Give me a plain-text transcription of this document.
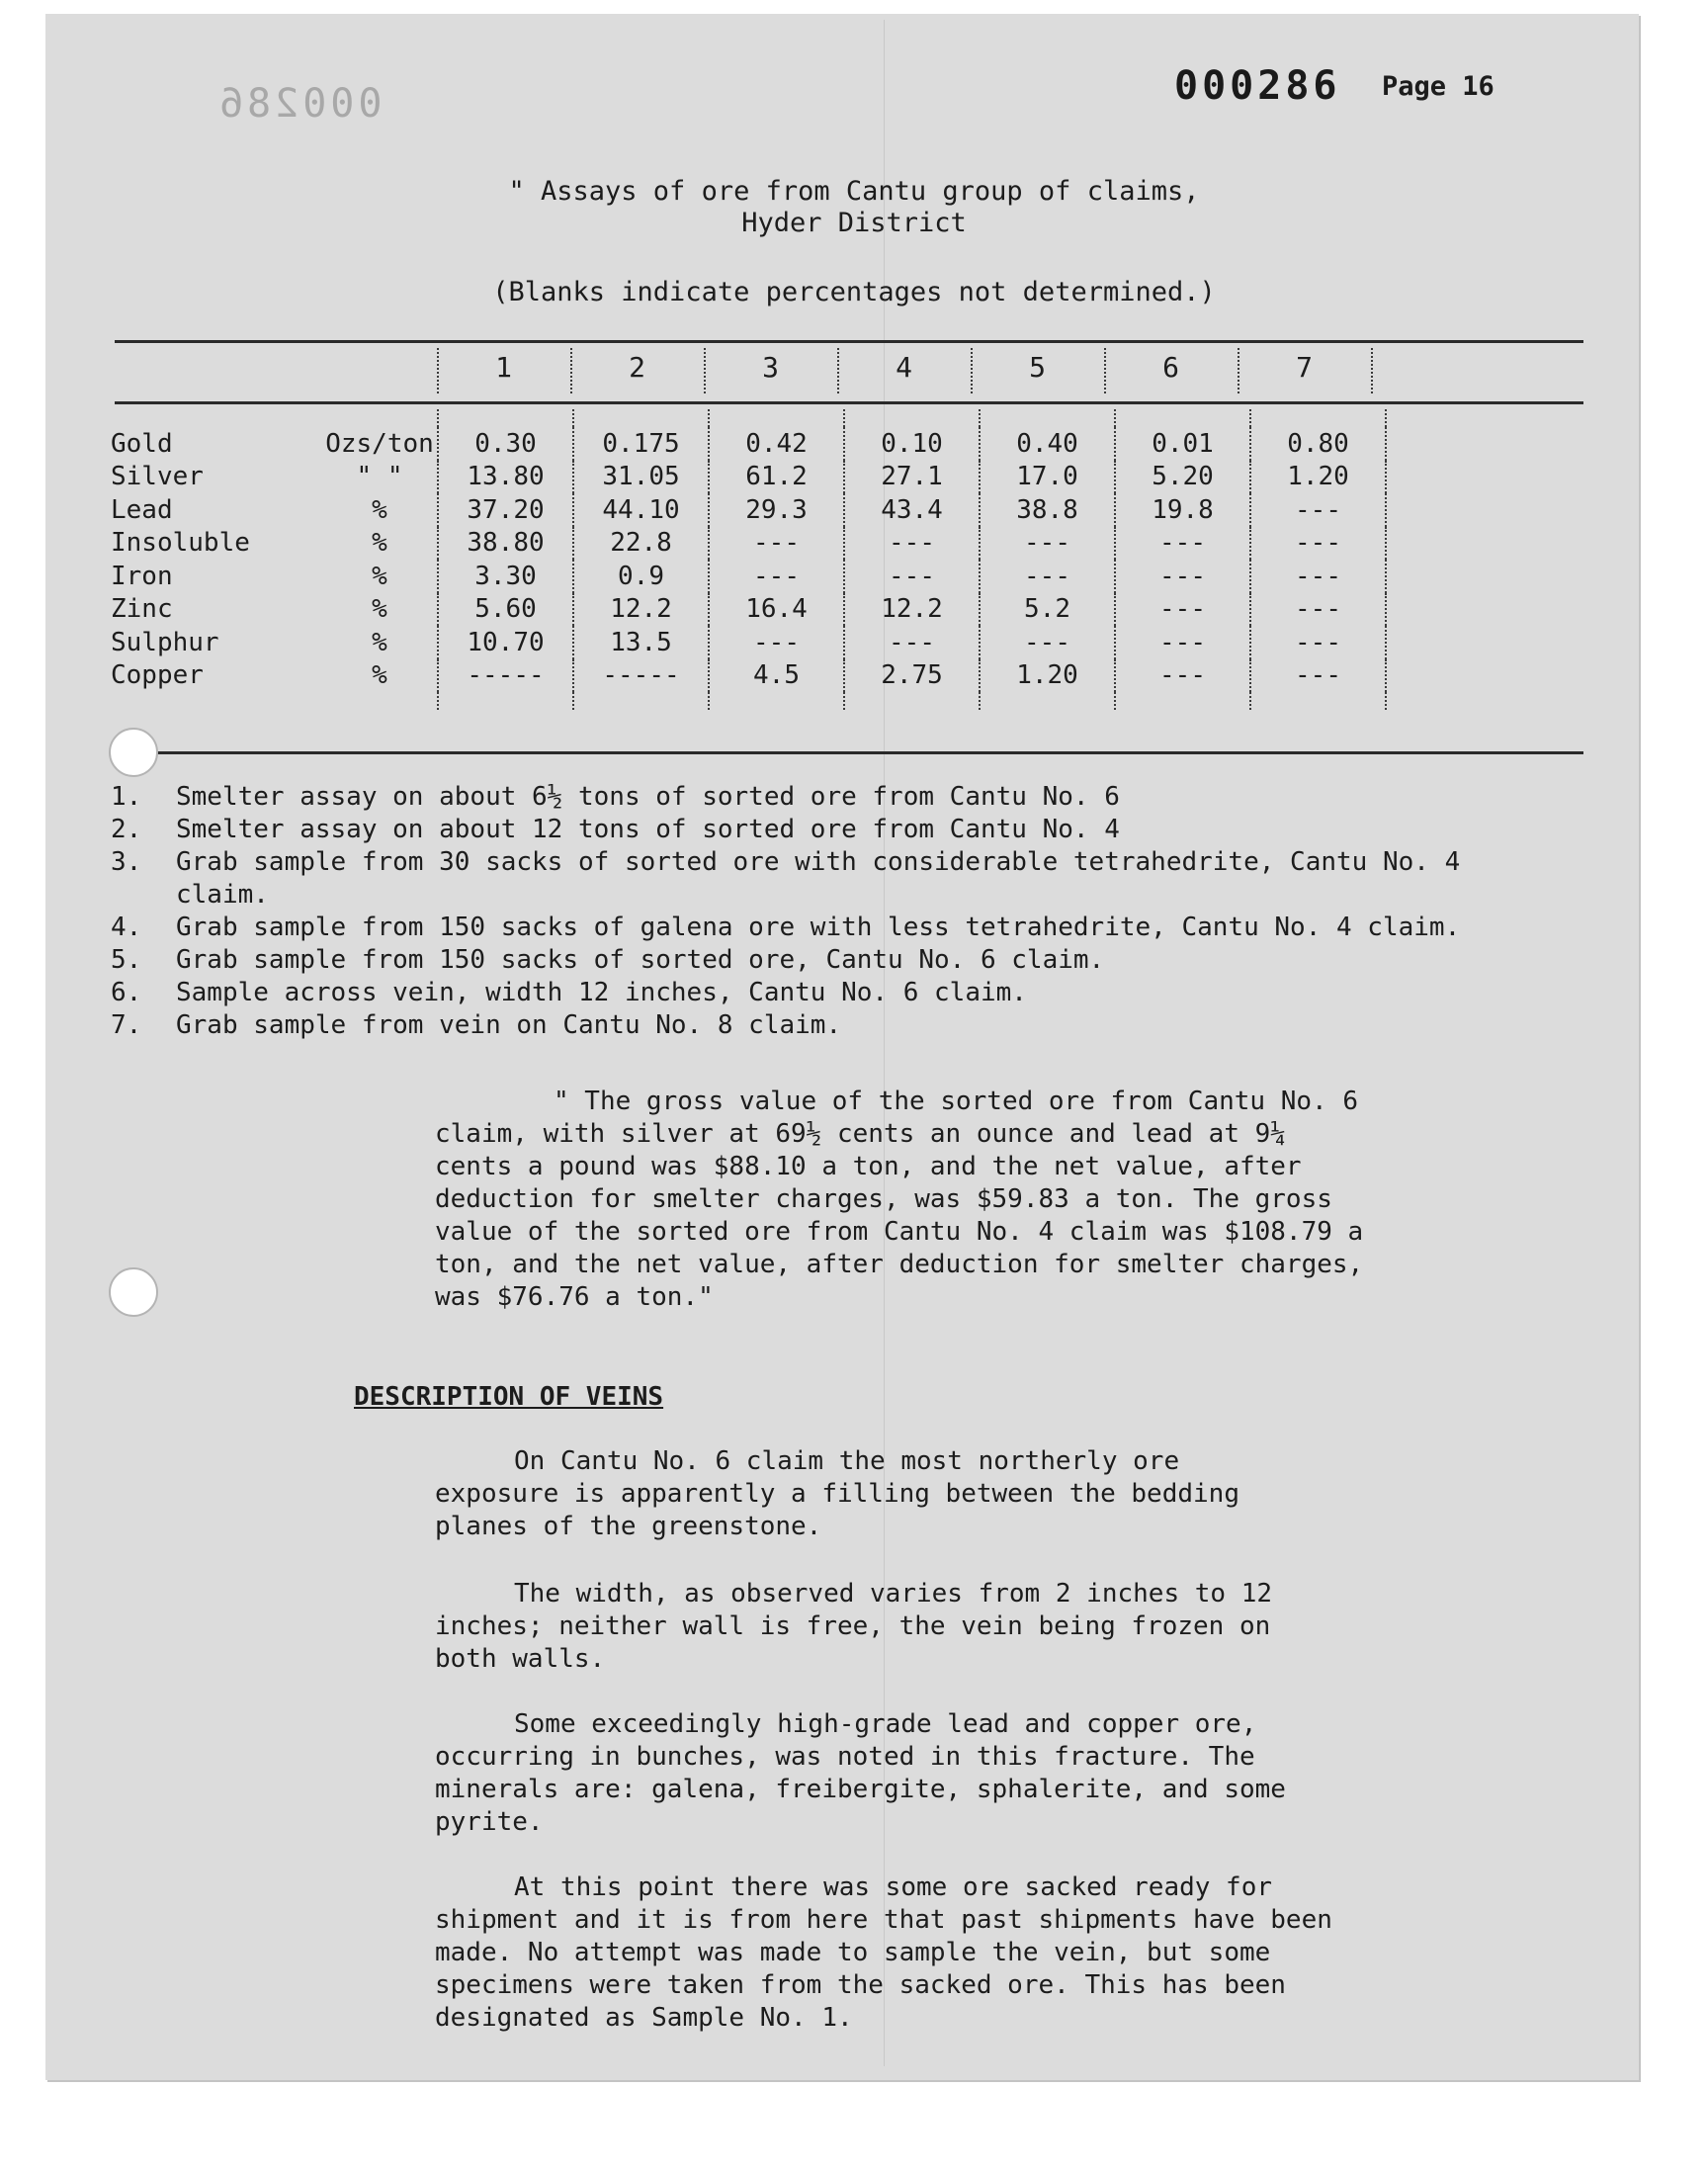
000286	000286 Page 16
" Assays of ore from Cantu group of claims,
Hyder District
(Blanks indicate percentages not determined.)
1	2	3	4	5	6	7

Gold	Ozs/ton	0.30	0.175	0.42	0.10	0.40	0.01	0.80
Silver	" "	13.80	31.05	61.2	27.1	17.0	5.20	1.20
Lead	%	37.20	44.10	29.3	43.4	38.8	19.8	---
Insoluble	%	38.80	22.8	---	---	---	---	---
Iron	%	3.30	0.9	---	---	---	---	---
Zinc	%	5.60	12.2	16.4	12.2	5.2	---	---
Sulphur	%	10.70	13.5	---	---	---	---	---
Copper	%	-----	-----	4.5	2.75	1.20	---	---

1.	Smelter assay on about 6½ tons of sorted ore from Cantu No. 6
2.	Smelter assay on about 12 tons of sorted ore from Cantu No. 4
3.	Grab sample from 30 sacks of sorted ore with considerable tetrahedrite, Cantu No. 4 claim.
4.	Grab sample from 150 sacks of galena ore with less tetrahedrite, Cantu No. 4 claim.
5.	Grab sample from 150 sacks of sorted ore, Cantu No. 6 claim.
6.	Sample across vein, width 12 inches, Cantu No. 6 claim.
7.	Grab sample from vein on Cantu No. 8 claim.
" The gross value of the sorted ore from Cantu No. 6 claim, with silver at 69½ cents an ounce and lead at 9¼ cents a pound was $88.10 a ton, and the net value, after deduction for smelter charges, was $59.83 a ton. The gross value of the sorted ore from Cantu No. 4 claim was $108.79 a ton, and the net value, after deduction for smelter charges, was $76.76 a ton."
DESCRIPTION OF VEINS
On Cantu No. 6 claim the most northerly ore exposure is apparently a filling between the bedding planes of the greenstone.
The width, as observed varies from 2 inches to 12 inches; neither wall is free, the vein being frozen on both walls.
Some exceedingly high-grade lead and copper ore, occurring in bunches, was noted in this fracture. The minerals are: galena, freibergite, sphalerite, and some pyrite.
At this point there was some ore sacked ready for shipment and it is from here that past shipments have been made. No attempt was made to sample the vein, but some specimens were taken from the sacked ore. This has been designated as Sample No. 1.
